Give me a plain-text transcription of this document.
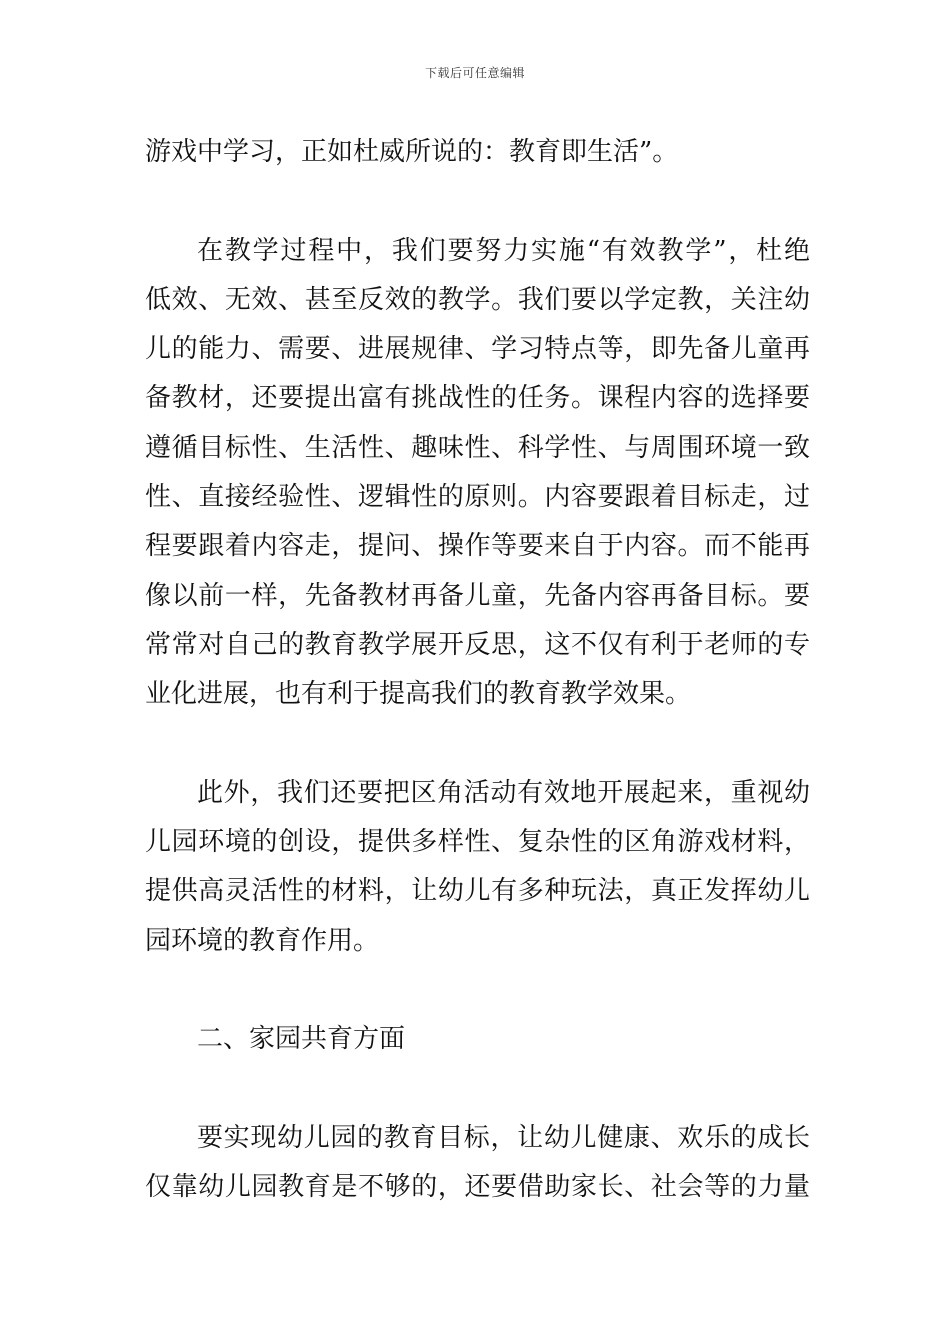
下载后可任意编辑
游戏中学习，正如杜威所说的：教育即生活”。
在教学过程中，我们要努力实施“有效教学”，杜绝
低效、无效、甚至反效的教学。我们要以学定教，关注幼
儿的能力、需要、进展规律、学习特点等，即先备儿童再
备教材，还要提出富有挑战性的任务。课程内容的选择要
遵循目标性、生活性、趣味性、科学性、与周围环境一致
性、直接经验性、逻辑性的原则。内容要跟着目标走，过
程要跟着内容走，提问、操作等要来自于内容。而不能再
像以前一样，先备教材再备儿童，先备内容再备目标。要
常常对自己的教育教学展开反思，这不仅有利于老师的专
业化进展，也有利于提高我们的教育教学效果。
此外，我们还要把区角活动有效地开展起来，重视幼
儿园环境的创设，提供多样性、复杂性的区角游戏材料，
提供高灵活性的材料，让幼儿有多种玩法，真正发挥幼儿
园环境的教育作用。
二、家园共育方面
要实现幼儿园的教育目标，让幼儿健康、欢乐的成长
仅靠幼儿园教育是不够的，还要借助家长、社会等的力量
